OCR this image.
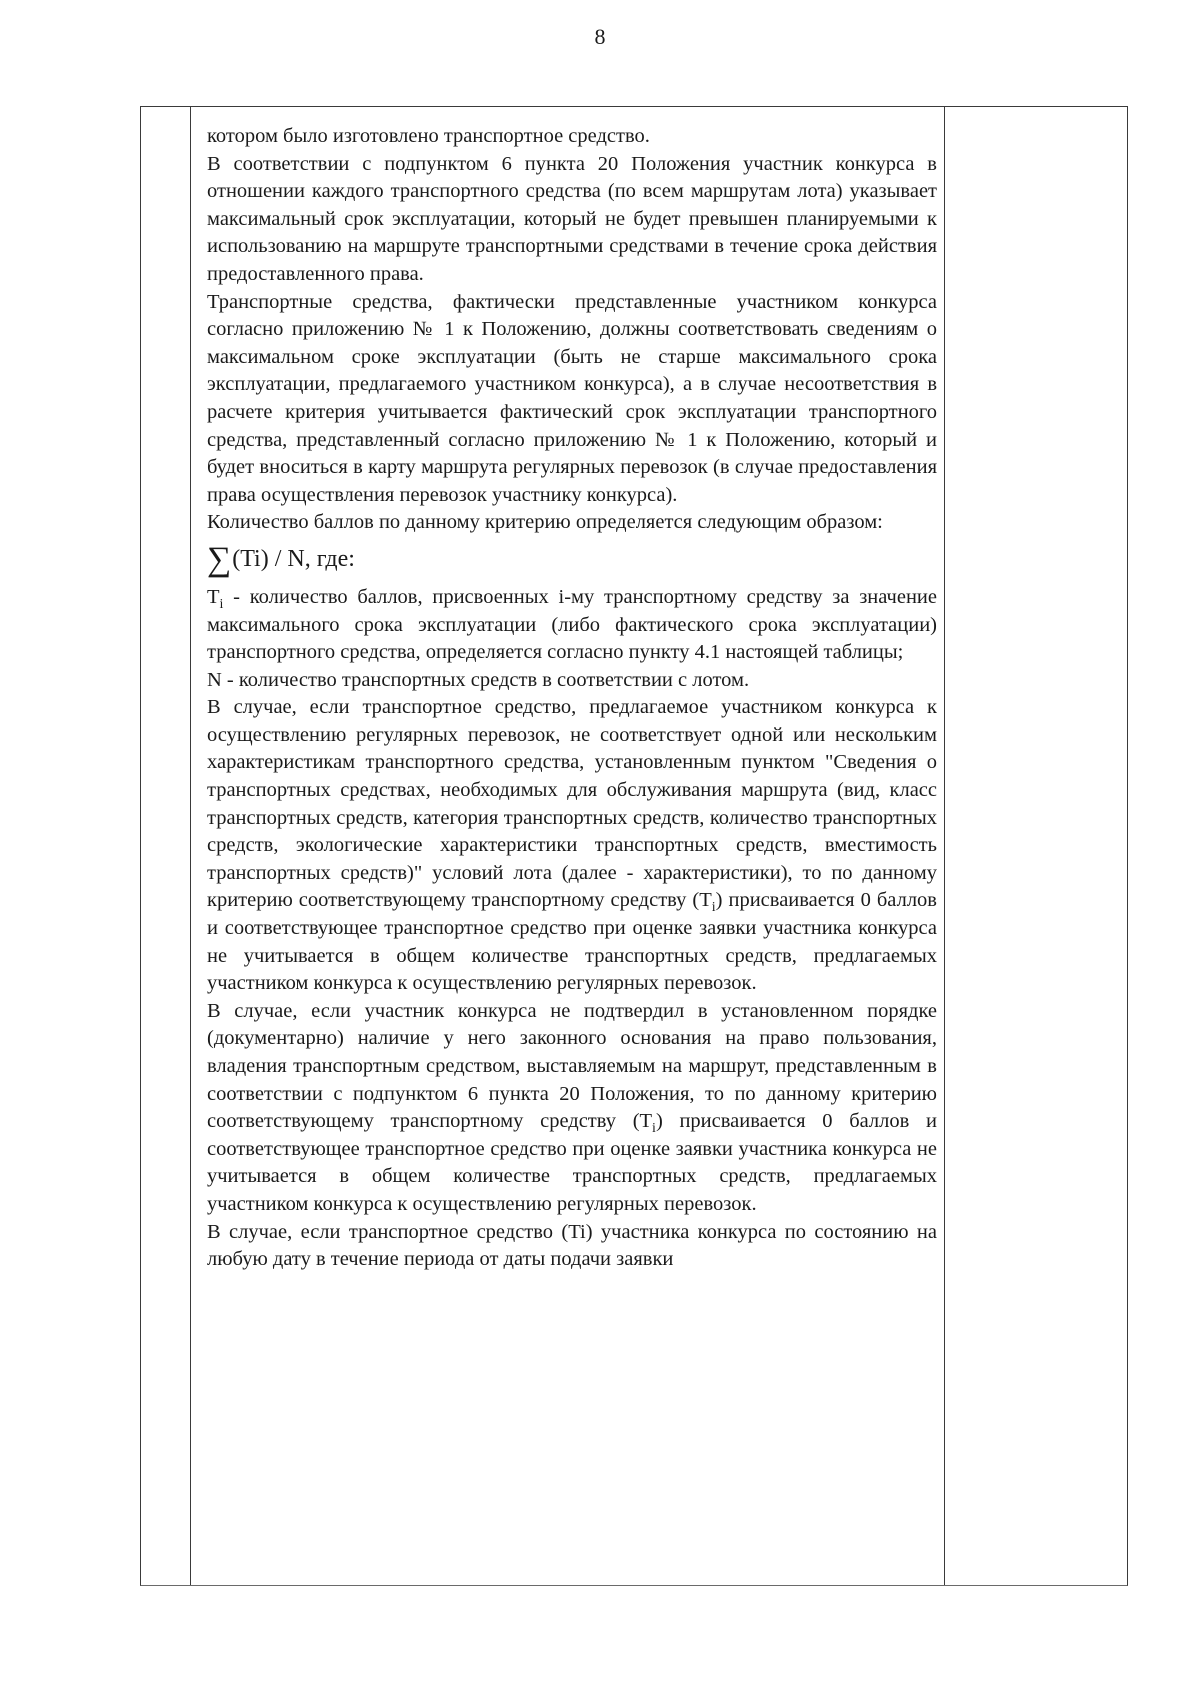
8

котором было изготовлено транспортное средство.

В соответствии с подпунктом 6 пункта 20 Положения участник конкурса в отношении каждого транспортного средства (по всем маршрутам лота) указывает максимальный срок эксплуатации, который не будет превышен планируемыми к использованию на маршруте транспортными средствами в течение срока действия предоставленного права.

Транспортные средства, фактически представленные участником конкурса согласно приложению № 1 к Положению, должны соответствовать сведениям о максимальном сроке эксплуатации (быть не старше максимального срока эксплуатации, предлагаемого участником конкурса), а в случае несоответствия в расчете критерия учитывается фактический срок эксплуатации транспортного средства, представленный согласно приложению № 1 к Положению, который и будет вноситься в карту маршрута регулярных перевозок (в случае предоставления права осуществления перевозок участнику конкурса).

Количество баллов по данному критерию определяется следующим образом:

∑(Ti) / N, где:

$T_i$ - количество баллов, присвоенных i-му транспортному средству за значение максимального срока эксплуатации (либо фактического срока эксплуатации) транспортного средства, определяется согласно пункту 4.1 настоящей таблицы;

N - количество транспортных средств в соответствии с лотом.

В случае, если транспортное средство, предлагаемое участником конкурса к осуществлению регулярных перевозок, не соответствует одной или нескольким характеристикам транспортного средства, установленным пунктом "Сведения о транспортных средствах, необходимых для обслуживания маршрута (вид, класс транспортных средств, категория транспортных средств, количество транспортных средств, экологические характеристики транспортных средств, вместимость транспортных средств)" условий лота (далее - характеристики), то по данному критерию соответствующему транспортному средству $(T_i)$ присваивается 0 баллов и соответствующее транспортное средство при оценке заявки участника конкурса не учитывается в общем количестве транспортных средств, предлагаемых участником конкурса к осуществлению регулярных перевозок.

В случае, если участник конкурса не подтвердил в установленном порядке (документарно) наличие у него законного основания на право пользования, владения транспортным средством, выставляемым на маршрут, представленным в соответствии с подпунктом 6 пункта 20 Положения, то по данному критерию соответствующему транспортному средству $(T_i)$ присваивается 0 баллов и соответствующее транспортное средство при оценке заявки участника конкурса не учитывается в общем количестве транспортных средств, предлагаемых участником конкурса к осуществлению регулярных перевозок.

В случае, если транспортное средство (Ti) участника конкурса по состоянию на любую дату в течение периода от даты подачи заявки
